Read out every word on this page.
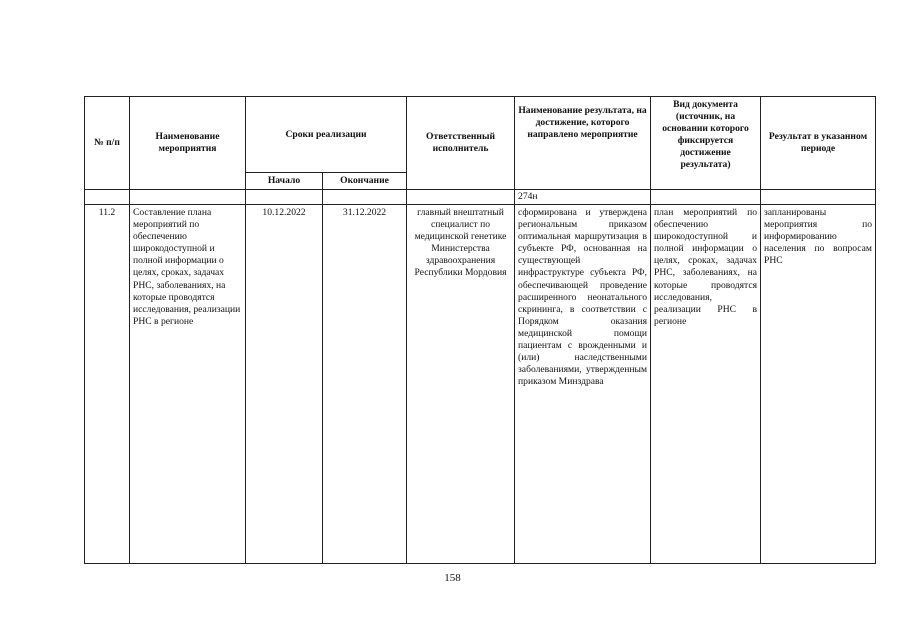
№ п/п	Наименование мероприятия	Сроки реализации		Ответственный исполнитель	Наименование результата, на достижение, которого направлено мероприятие	Вид документа (источник, на основании которого фиксируется достижение результата)	Результат в указанном периоде
		Начало	Окончание				
					274н		
11.2	Составление плана мероприятий по обеспечению широкодоступной и полной информации о целях, сроках, задачах РНС, заболеваниях, на которые проводятся исследования, реализации РНС в регионе	10.12.2022	31.12.2022	главный внештатный специалист по медицинской генетике Министерства здравоохранения Республики Мордовия	сформирована и утверждена региональным приказом оптимальная маршрутизация в субъекте РФ, основанная на существующей инфраструктуре субъекта РФ, обеспечивающей проведение расширенного неонатального скрининга, в соответствии с Порядком оказания медицинской помощи пациентам с врожденными и (или) наследственными заболеваниями, утвержденным приказом Минздрава	план мероприятий по обеспечению широкодоступной и полной информации о целях, сроках, задачах РНС, заболеваниях, на которые проводятся исследования, реализации РНС в регионе	запланированы мероприятия по информированию населения по вопросам РНС
158
